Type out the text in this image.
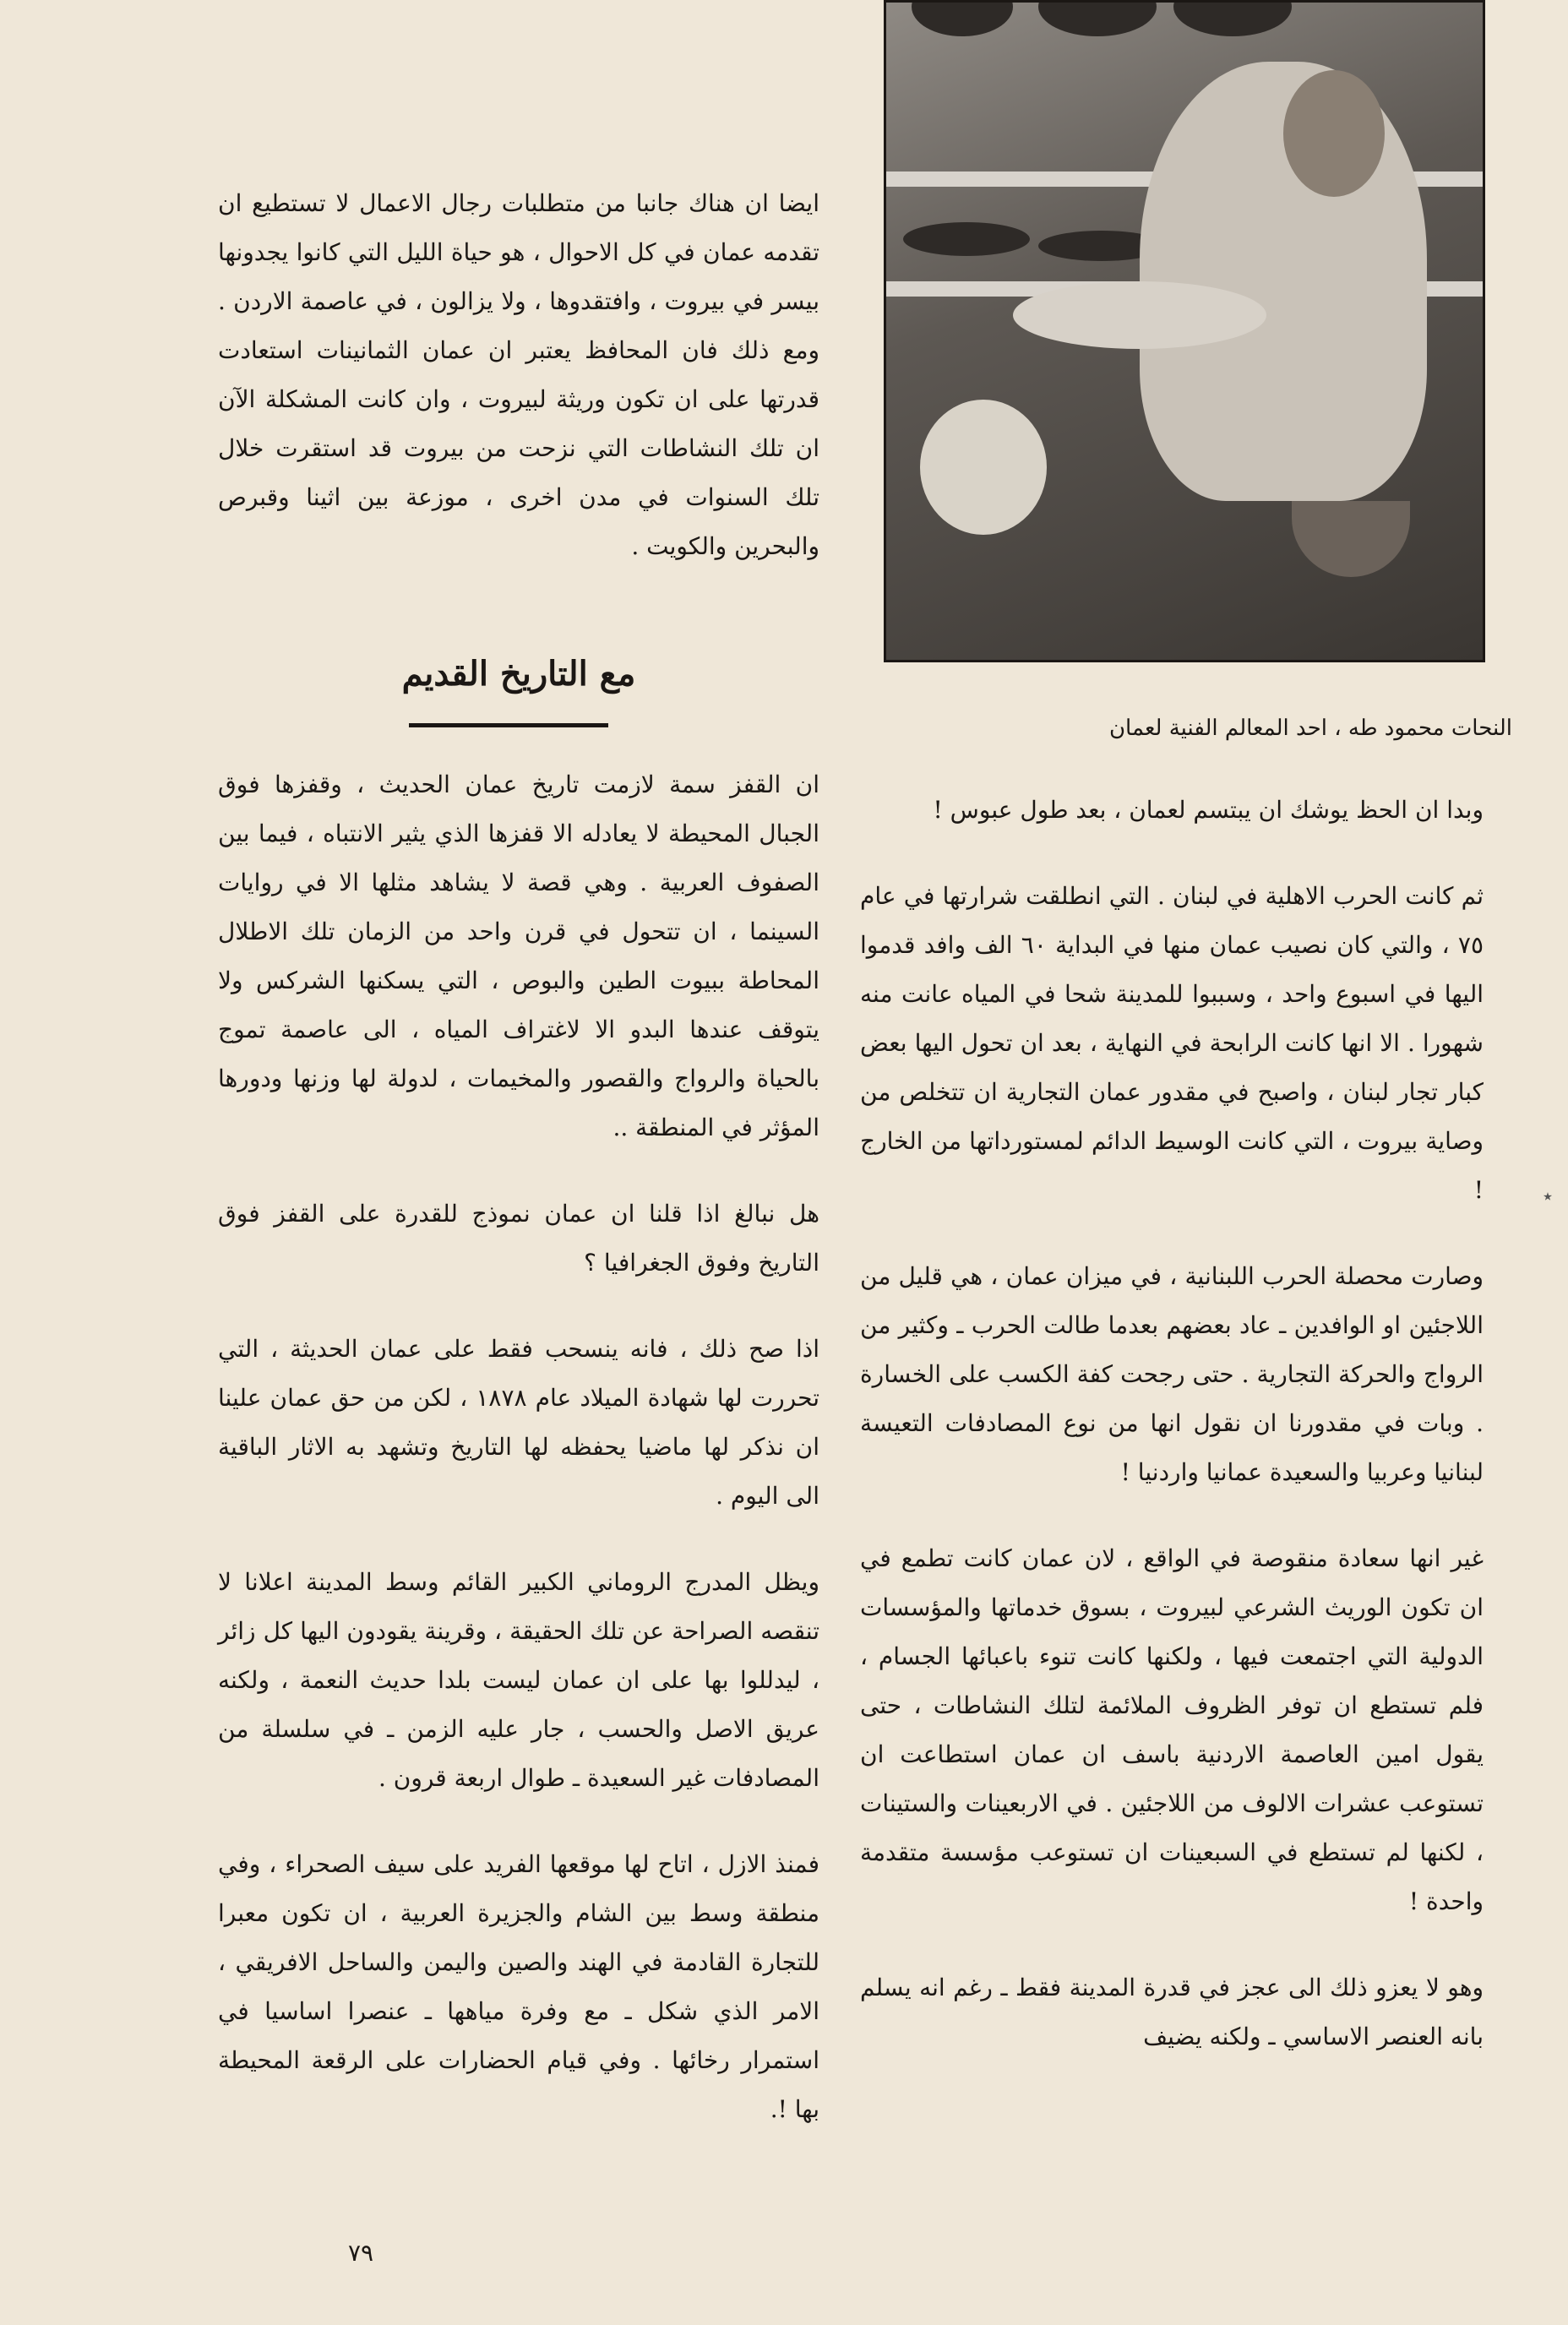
النحات محمود طه ، احد المعالم الفنية لعمان

ايضا ان هناك جانبا من متطلبات رجال الاعمال لا تستطيع ان تقدمه عمان في كل الاحوال ، هو حياة الليل التي كانوا يجدونها بيسر في بيروت ، وافتقدوها ، ولا يزالون ، في عاصمة الاردن . ومع ذلك فان المحافظ يعتبر ان عمان الثمانينات استعادت قدرتها على ان تكون وريثة لبيروت ، وان كانت المشكلة الآن ان تلك النشاطات التي نزحت من بيروت قد استقرت خلال تلك السنوات في مدن اخرى ، موزعة بين اثينا وقبرص والبحرين والكويت .

مع التاريخ القديم

ان القفز سمة لازمت تاريخ عمان الحديث ، وقفزها فوق الجبال المحيطة لا يعادله الا قفزها الذي يثير الانتباه ، فيما بين الصفوف العربية . وهي قصة لا يشاهد مثلها الا في روايات السينما ، ان تتحول في قرن واحد من الزمان تلك الاطلال المحاطة ببيوت الطين والبوص ، التي يسكنها الشركس ولا يتوقف عندها البدو الا لاغتراف المياه ، الى عاصمة تموج بالحياة والرواج والقصور والمخيمات ، لدولة لها وزنها ودورها المؤثر في المنطقة ..

هل نبالغ اذا قلنا ان عمان نموذج للقدرة على القفز فوق التاريخ وفوق الجغرافيا ؟

اذا صح ذلك ، فانه ينسحب فقط على عمان الحديثة ، التي تحررت لها شهادة الميلاد عام ١٨٧٨ ، لكن من حق عمان علينا ان نذكر لها ماضيا يحفظه لها التاريخ وتشهد به الاثار الباقية الى اليوم .

ويظل المدرج الروماني الكبير القائم وسط المدينة اعلانا لا تنقصه الصراحة عن تلك الحقيقة ، وقرينة يقودون اليها كل زائر ، ليدللوا بها على ان عمان ليست بلدا حديث النعمة ، ولكنه عريق الاصل والحسب ، جار عليه الزمن ـ في سلسلة من المصادفات غير السعيدة ـ طوال اربعة قرون .

فمنذ الازل ، اتاح لها موقعها الفريد على سيف الصحراء ، وفي منطقة وسط بين الشام والجزيرة العربية ، ان تكون معبرا للتجارة القادمة في الهند والصين واليمن والساحل الافريقي ، الامر الذي شكل ـ مع وفرة مياهها ـ عنصرا اساسيا في استمرار رخائها . وفي قيام الحضارات على الرقعة المحيطة بها !.

وبدا ان الحظ يوشك ان يبتسم لعمان ، بعد طول عبوس !

ثم كانت الحرب الاهلية في لبنان . التي انطلقت شرارتها في عام ٧٥ ، والتي كان نصيب عمان منها في البداية ٦٠ الف وافد قدموا اليها في اسبوع واحد ، وسببوا للمدينة شحا في المياه عانت منه شهورا . الا انها كانت الرابحة في النهاية ، بعد ان تحول اليها بعض كبار تجار لبنان ، واصبح في مقدور عمان التجارية ان تتخلص من وصاية بيروت ، التي كانت الوسيط الدائم لمستورداتها من الخارج !

وصارت محصلة الحرب اللبنانية ، في ميزان عمان ، هي قليل من اللاجئين او الوافدين ـ عاد بعضهم بعدما طالت الحرب ـ وكثير من الرواج والحركة التجارية . حتى رجحت كفة الكسب على الخسارة . وبات في مقدورنا ان نقول انها من نوع المصادفات التعيسة لبنانيا وعربيا والسعيدة عمانيا واردنيا !

غير انها سعادة منقوصة في الواقع ، لان عمان كانت تطمع في ان تكون الوريث الشرعي لبيروت ، بسوق خدماتها والمؤسسات الدولية التي اجتمعت فيها ، ولكنها كانت تنوء باعبائها الجسام ، فلم تستطع ان توفر الظروف الملائمة لتلك النشاطات ، حتى يقول امين العاصمة الاردنية باسف ان عمان استطاعت ان تستوعب عشرات الالوف من اللاجئين . في الاربعينات والستينات ، لكنها لم تستطع في السبعينات ان تستوعب مؤسسة متقدمة واحدة !

وهو لا يعزو ذلك الى عجز في قدرة المدينة فقط ـ رغم انه يسلم بانه العنصر الاساسي ـ ولكنه يضيف

٧٩
٭
